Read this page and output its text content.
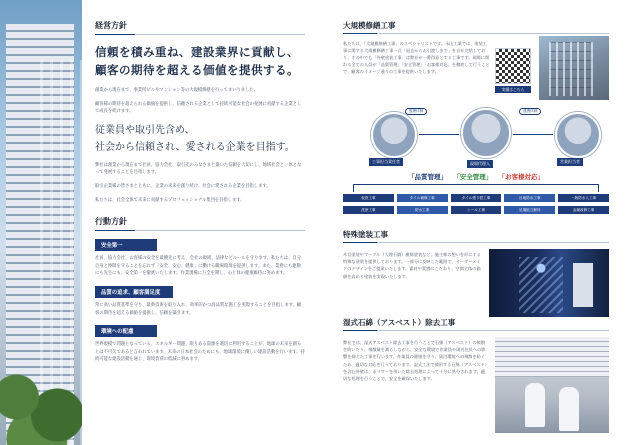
経営方針
信頼を積み重ね、建設業界に貢献し、
顧客の期待を超える価値を提供する。

創業から現在まで、事業所ビルやマンション等の大規模修繕を行ってまいりました。

顧客様の期待を超えられる価値を提供し、信頼される企業として持続可能な社会の発展に貢献する企業として成長を続けます。

従業員や取引先含め、
社会から信頼され、愛される企業を目指す。

弊社は創業から現在まで社員、協力会社、取引先のみなさまと築いた信頼を大切にし、地域社会と一体となって発展することを目指します。

取引企業様の皆さまとともに、企業の未来を創り続け、社会に愛される企業を目指します。

私たちは、社会全体で未来に貢献するプロフェッショナル集団を目指します。

行動方針
安全第一

社員、協力会社、お客様の安全を最優先に考え、会社の規則、法律などルールを守ります。私たちは、自分自身と仲間を守ることを忘れず「安全、安心、健康」に働ける職場環境を提供します。また、業務にも連動にも先生にも、安全第一を徹底いたします。作業現場に万全を期し、心と体の健康維持に努めます。

品質の追求、顧客満足度

常に高い品質基準を守り、最新技術を取り入れ、効率的かつ高品質な施工を実現することを目指します。顧客の期待を超える価値を提供し、信頼を築きます。

環境への配慮

世界規模で問題となっている、エネルギー問題、限りある資源を適切に利用することが、地球の未来を創るとは不可欠であると言われています。未来の日本社会のためにも、地球環境に優しい建設活動を行います。持続可能な建設活動を通じ、環境負荷の低減に努めます。

大規模修繕工事

私たちは、「大規模修繕工事」のスペシャリストです。永山工業では、塗装工事に関する大規模修繕工事一式「退去からお引渡しまで」を自社完結しており、その中でも「外壁塗装工事」は弊社が一番得意とする工事です。現場に関わる全ての人員が「品質管理」「安全管理」「お客様対応」を徹底して行うことで、顧客のイメージ通りの工事を提供いたします。

実績はこちら
監理体制	連携体制
工事担当責任者	現場代理人	営業担当者
「品質管理」 「安全管理」 「お客様対応」
仮設工事	タイル補修工事	タイル張り替工事	目地防水工事	一般防水入工事
洗浄工事	防水工事	シール工事	足場組立解体	金属改修工事
特殊塗装工事

木目塗装やマーブル（大理石調）模様塗装など、施主様の想いを形にする特殊な塗装を提供しております。一部分に反映した範囲で、オーダーメイドのデザインをご提案いたします。素材や質感にこだわり、空間全体の価値を高める塗装を実現いたします。

湿式石綿（アスベスト）除去工事

弊社では、湿式アスベスト除去工事を行うことで石綿（アスベスト）の飛散を防いだり、飛散量を減らしながら、安全な環境で作業員や周辺住民への影響を抑えた工事を行います。作業員の健康を守り、周辺環境への飛散を防ぐため、適切な対応を行っております。湿式工法で使用する石綿（アスベスト）を含む外壁は、ポリマーを用いた除去処理によって十分に処分されます。適切な処理を行うことで、安全を確保いたします。
